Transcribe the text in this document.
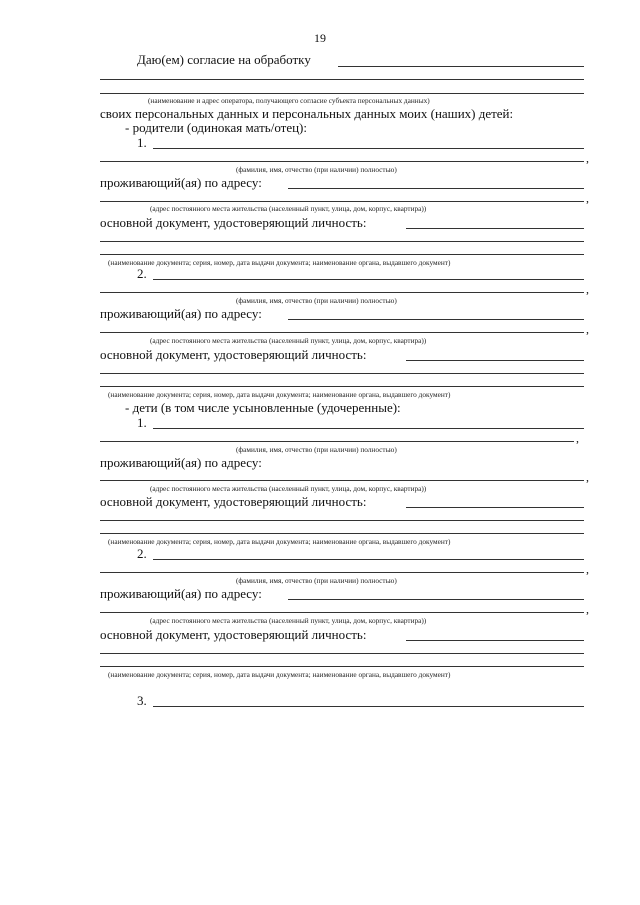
19
Даю(ем) согласие на обработку
(наименование и адрес оператора, получающего согласие субъекта персональных данных)
своих персональных данных и персональных данных моих (наших) детей:
- родители (одинокая мать/отец):
1.
,
(фамилия, имя, отчество (при наличии) полностью)
проживающий(ая) по адресу:
,
(адрес постоянного места жительства (населенный пункт, улица, дом, корпус, квартира))
основной документ, удостоверяющий личность:
(наименование документа; серия, номер, дата выдачи документа; наименование органа, выдавшего документ)
2.
,
(фамилия, имя, отчество (при наличии) полностью)
проживающий(ая) по адресу:
,
(адрес постоянного места жительства (населенный пункт, улица, дом, корпус, квартира))
основной документ, удостоверяющий личность:
(наименование документа; серия, номер, дата выдачи документа; наименование органа, выдавшего документ)
- дети (в том числе усыновленные (удочеренные):
1.
,
(фамилия, имя, отчество (при наличии) полностью)
проживающий(ая) по адресу:
,
(адрес постоянного места жительства (населенный пункт, улица, дом, корпус, квартира))
основной документ, удостоверяющий личность:
(наименование документа; серия, номер, дата выдачи документа; наименование органа, выдавшего документ)
2.
,
(фамилия, имя, отчество (при наличии) полностью)
проживающий(ая) по адресу:
,
(адрес постоянного места жительства (населенный пункт, улица, дом, корпус, квартира))
основной документ, удостоверяющий личность:
(наименование документа; серия, номер, дата выдачи документа; наименование органа, выдавшего документ)
3.
